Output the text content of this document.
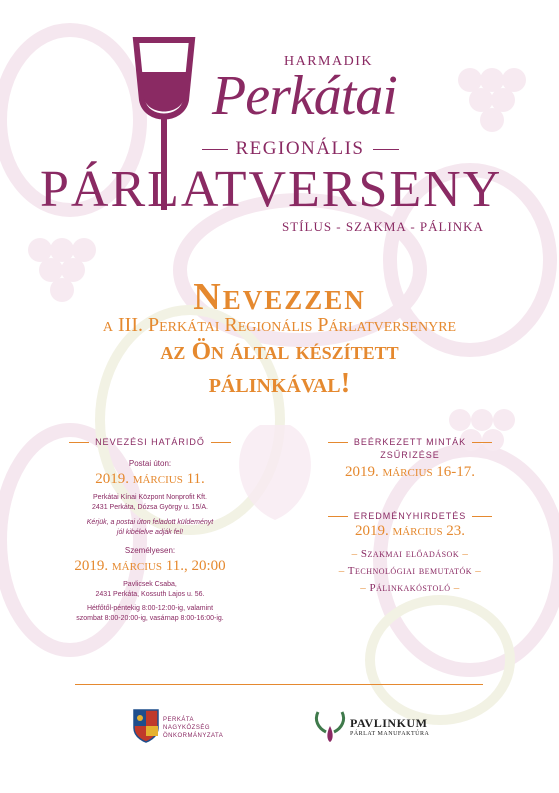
HARMADIK
Perkátai
REGIONÁLIS
PÁRLATVERSENY
STÍLUS - SZAKMA - PÁLINKA
Nevezzen
a III. Perkátai Regionális Párlatversenyre
az Ön által készített
pálinkával!
NEVEZÉSI HATÁRIDŐ
Postai úton:
2019. március 11.
Perkátai Kínai Központ Nonprofit Kft.
2431 Perkáta, Dózsa György u. 15/A.
Kérjük, a postai úton feladott küldeményt
jól kibélelve adják fel!
Személyesen:
2019. március 11., 20:00
Pavlicsek Csaba,
2431 Perkáta, Kossuth Lajos u. 56.
Hétfőtől-péntekig 8:00-12:00-ig, valamint
szombat 8:00-20:00-ig, vasárnap 8:00-16:00-ig.
BEÉRKEZETT MINTÁK
ZSŰRIZÉSE
2019. március 16-17.
EREDMÉNYHIRDETÉS
2019. március 23.
– Szakmai előadások –
– Technológiai bemutatók –
– Pálinkakóstoló –
PERKÁTA
NAGYKÖZSÉG
ÖNKORMÁNYZATA
PAVLINKUM
PÁRLAT MANUFAKTÚRA
